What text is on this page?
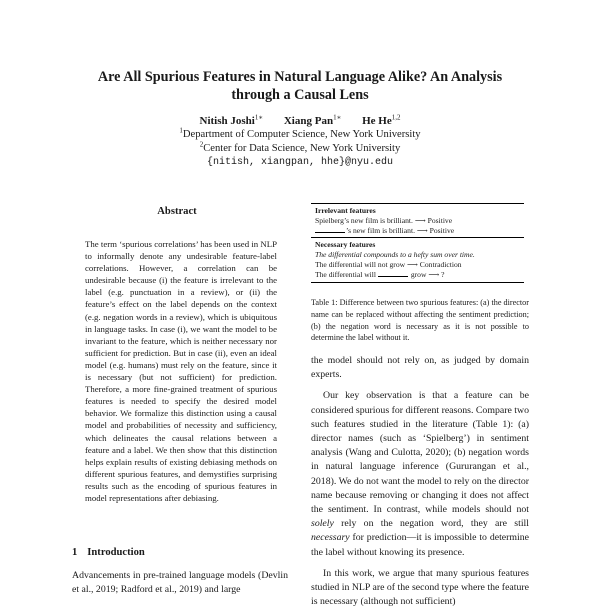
Are All Spurious Features in Natural Language Alike? An Analysis
through a Causal Lens
Nitish Joshi$^{1∗}$ Xiang Pan$^{1∗}$ He He$^{1,2}$
$^1$Department of Computer Science, New York University
$^2$Center for Data Science, New York University
{nitish, xiangpan, hhe}@nyu.edu
Abstract
The term ‘spurious correlations’ has been used in NLP to informally denote any undesirable feature-label correlations. However, a correlation can be undesirable because (i) the feature is irrelevant to the label (e.g. punctuation in a review), or (ii) the feature’s effect on the label depends on the context (e.g. negation words in a review), which is ubiquitous in language tasks. In case (i), we want the model to be invariant to the feature, which is neither necessary nor sufficient for prediction. But in case (ii), even an ideal model (e.g. humans) must rely on the feature, since it is necessary (but not sufficient) for prediction. Therefore, a more fine-grained treatment of spurious features is needed to specify the desired model behavior. We formalize this distinction using a causal model and probabilities of necessity and sufficiency, which delineates the causal relations between a feature and a label. We then show that this distinction helps explain results of existing debiasing methods on different spurious features, and demystifies surprising results such as the encoding of spurious features in model representations after debiasing.
1 Introduction
Advancements in pre-trained language models (Devlin et al., 2019; Radford et al., 2019) and large
Irrelevant features
Spielberg’s new film is brilliant. ⟶ Positive
’s new film is brilliant. ⟶ Positive
Necessary features
The differential compounds to a hefty sum over time.
The differential will not grow ⟶ Contradiction
The differential will	grow ⟶ ?
Table 1: Difference between two spurious features: (a) the director name can be replaced without affecting the sentiment prediction; (b) the negation word is necessary as it is not possible to determine the label without it.

the model should not rely on, as judged by domain experts.

Our key observation is that a feature can be considered spurious for different reasons. Compare two such features studied in the literature (Table 1): (a) director names (such as ‘Spielberg’) in sentiment analysis (Wang and Culotta, 2020); (b) negation words in natural language inference (Gururangan et al., 2018). We do not want the model to rely on the director name because removing or changing it does not affect the sentiment. In contrast, while models should not solely rely on the negation word, they are still necessary for prediction—it is impossible to determine the label without knowing its presence.

In this work, we argue that many spurious features studied in NLP are of the second type where the feature is necessary (although not sufficient)
